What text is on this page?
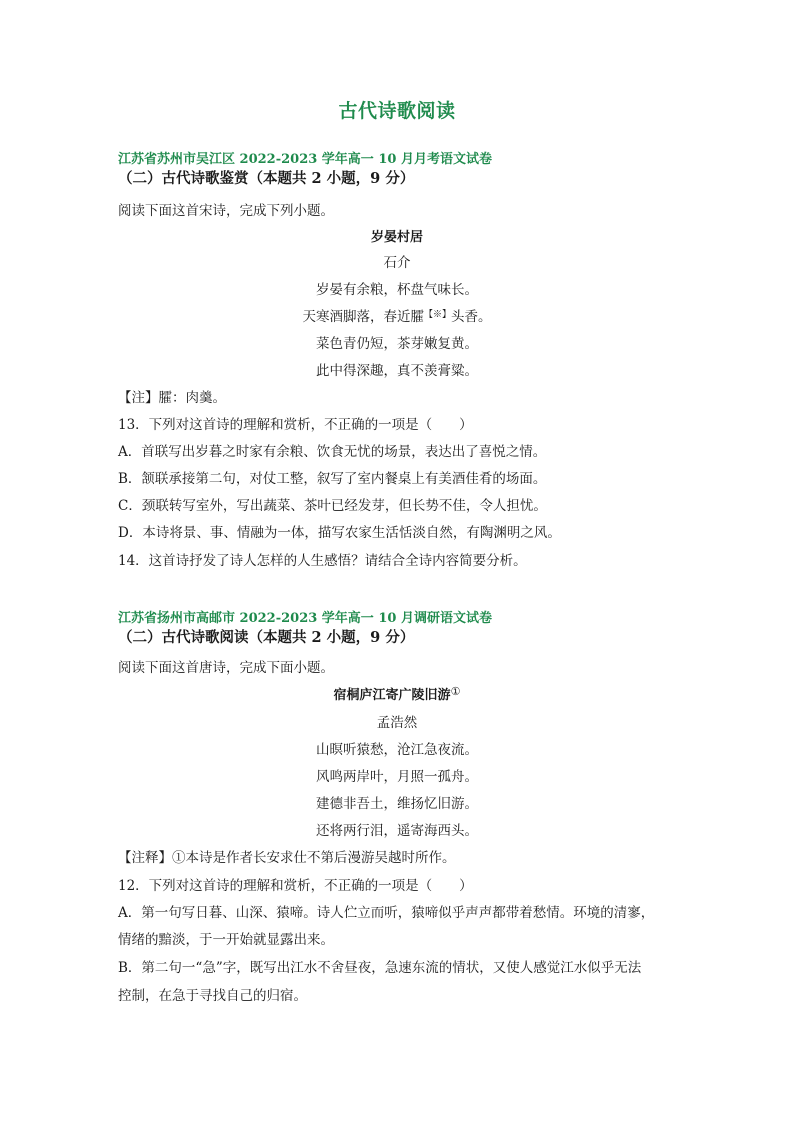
古代诗歌阅读
江苏省苏州市吴江区 2022-2023 学年高一 10 月月考语文试卷
（二）古代诗歌鉴赏（本题共 2 小题，9 分）
阅读下面这首宋诗，完成下列小题。
岁晏村居
石介
岁晏有余粮，杯盘气味长。
天寒酒脚落，春近臛【※】头香。
菜色青仍短，茶芽嫩复黄。
此中得深趣，真不羡膏粱。
【注】臛：肉羹。
13．下列对这首诗的理解和赏析，不正确的一项是（　　）
A．首联写出岁暮之时家有余粮、饮食无忧的场景，表达出了喜悦之情。
B．颔联承接第二句，对仗工整，叙写了室内餐桌上有美酒佳肴的场面。
C．颈联转写室外，写出蔬菜、茶叶已经发芽，但长势不佳，令人担忧。
D．本诗将景、事、情融为一体，描写农家生活恬淡自然，有陶渊明之风。
14．这首诗抒发了诗人怎样的人生感悟？请结合全诗内容简要分析。
江苏省扬州市高邮市 2022-2023 学年高一 10 月调研语文试卷
（二）古代诗歌阅读（本题共 2 小题，9 分）
阅读下面这首唐诗，完成下面小题。
宿桐庐江寄广陵旧游①
孟浩然
山暝听猿愁，沧江急夜流。
风鸣两岸叶，月照一孤舟。
建德非吾土，维扬忆旧游。
还将两行泪，遥寄海西头。
【注释】①本诗是作者长安求仕不第后漫游吴越时所作。
12．下列对这首诗的理解和赏析，不正确的一项是（　　）
A．第一句写日暮、山深、猿啼。诗人伫立而听，猿啼似乎声声都带着愁情。环境的清寥，
情绪的黯淡，于一开始就显露出来。
B．第二句一“急”字，既写出江水不舍昼夜，急速东流的情状，又使人感觉江水似乎无法
控制，在急于寻找自己的归宿。
